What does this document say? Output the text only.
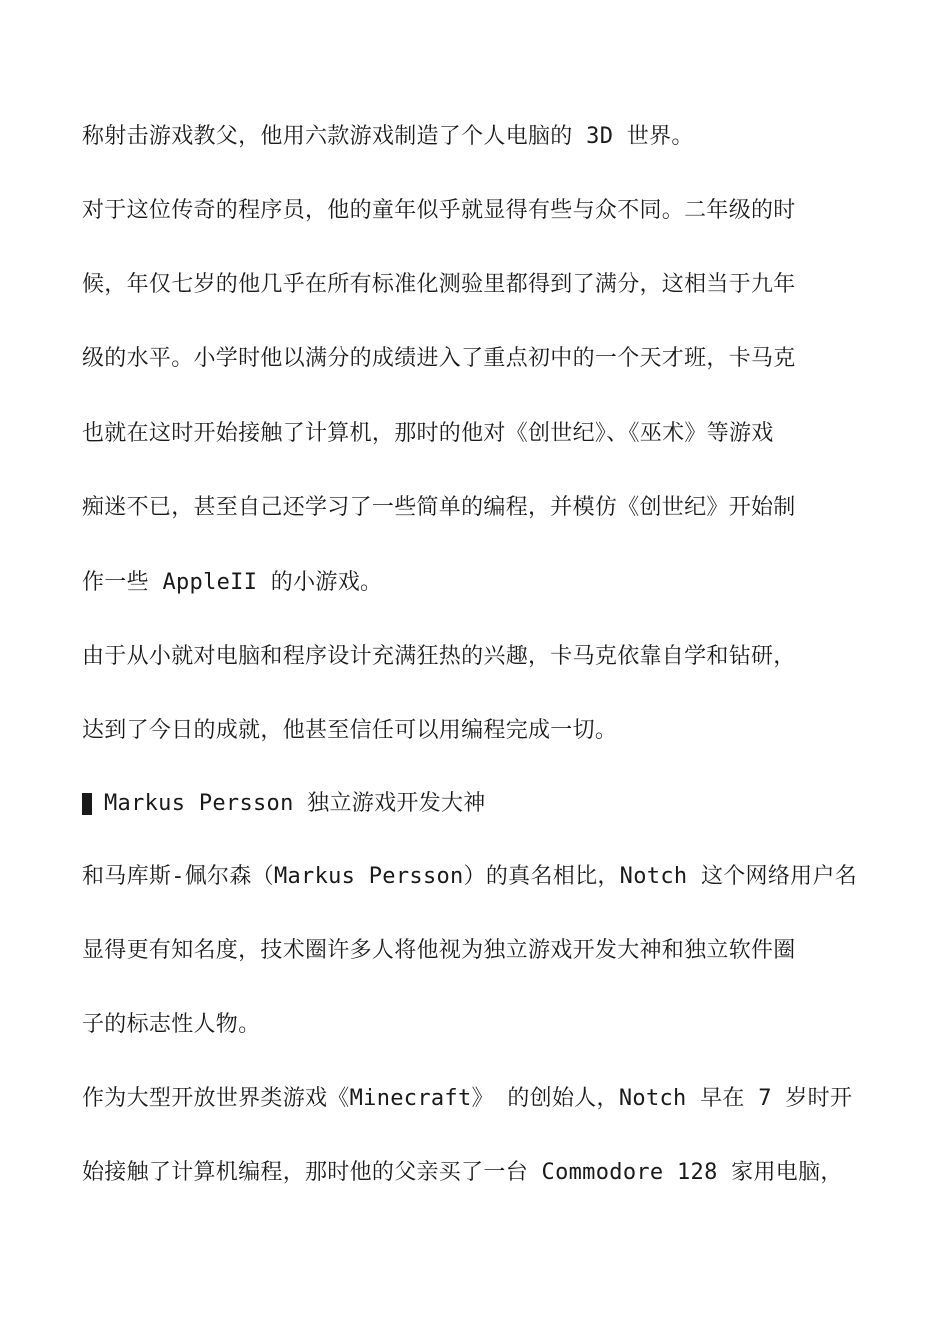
称射击游戏教父，他用六款游戏制造了个人电脑的 3D 世界。
对于这位传奇的程序员，他的童年似乎就显得有些与众不同。二年级的时
候，年仅七岁的他几乎在所有标准化测验里都得到了满分，这相当于九年
级的水平。小学时他以满分的成绩进入了重点初中的一个天才班，卡马克
也就在这时开始接触了计算机，那时的他对《创世纪》、《巫术》等游戏
痴迷不已，甚至自己还学习了一些简单的编程，并模仿《创世纪》开始制
作一些 AppleII 的小游戏。
由于从小就对电脑和程序设计充满狂热的兴趣，卡马克依靠自学和钻研，
达到了今日的成就，他甚至信任可以用编程完成一切。
Markus Persson 独立游戏开发大神
和马库斯-佩尔森（Markus Persson）的真名相比，Notch 这个网络用户名
显得更有知名度，技术圈许多人将他视为独立游戏开发大神和独立软件圈
子的标志性人物。
作为大型开放世界类游戏《Minecraft》 的创始人，Notch 早在 7 岁时开
始接触了计算机编程，那时他的父亲买了一台 Commodore 128 家用电脑，
